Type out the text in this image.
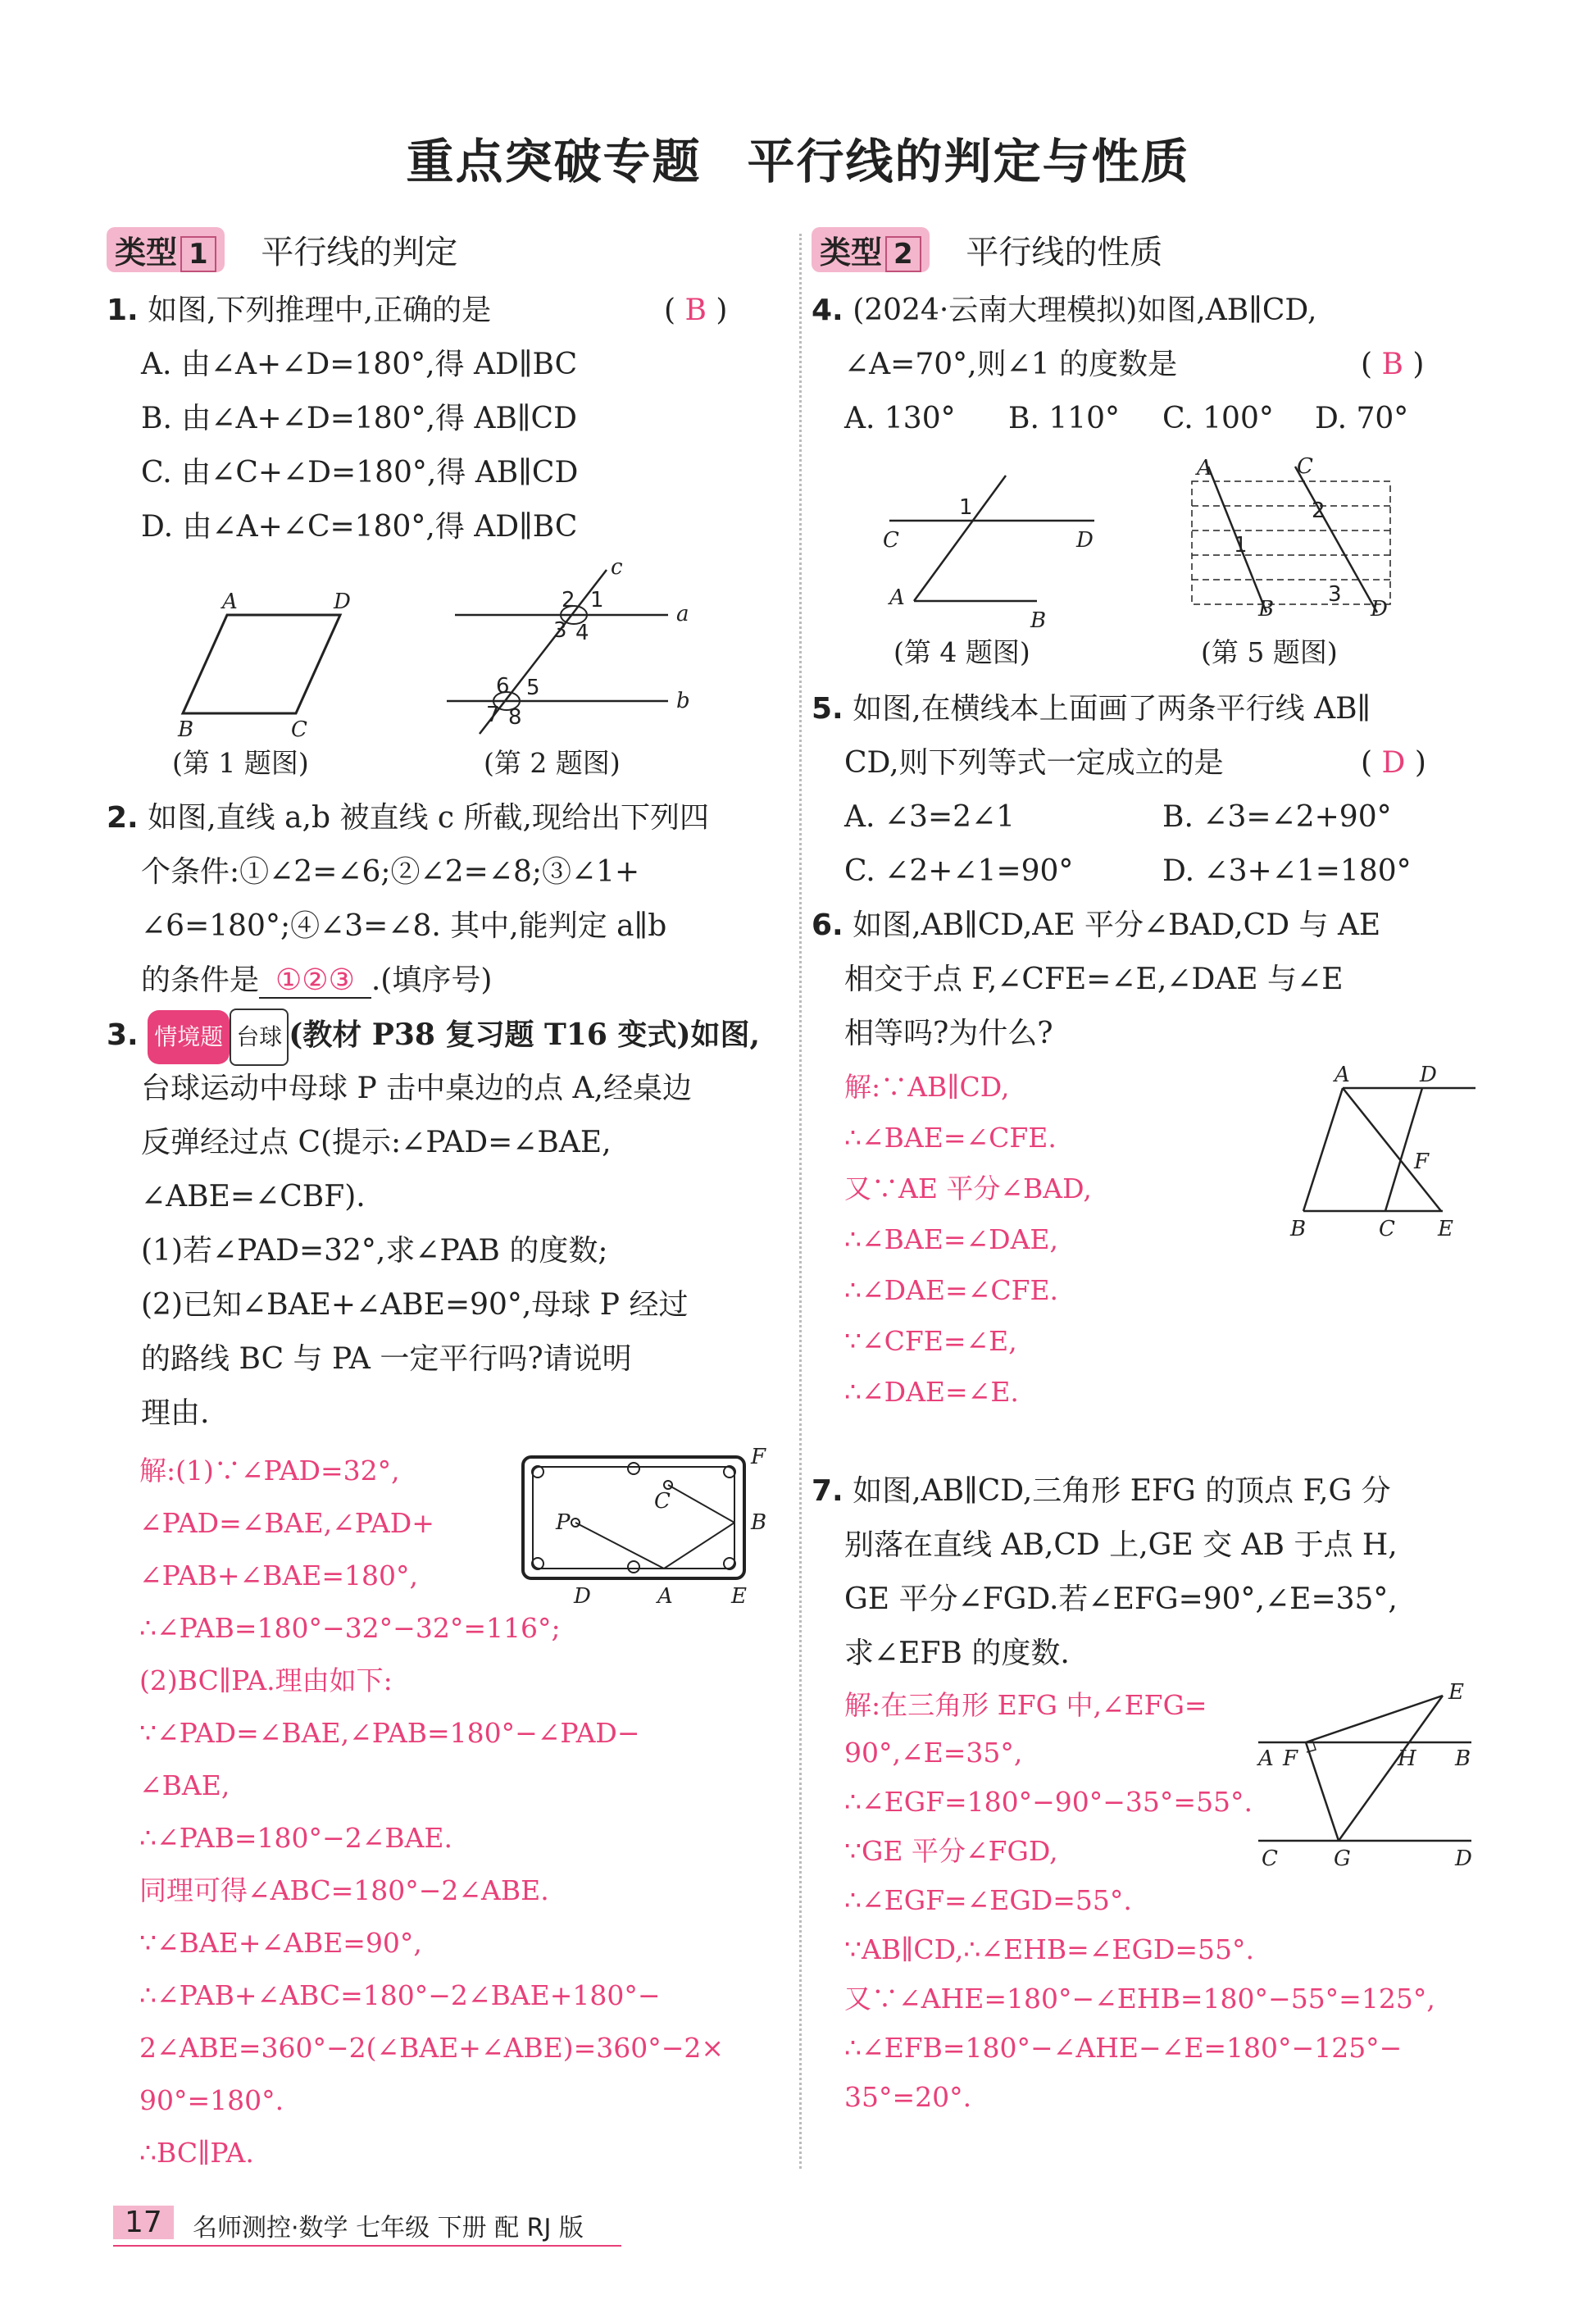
重点突破专题 平行线的判定与性质
类型 1 平行线的判定
1. 如图,下列推理中,正确的是	( B )
A. 由∠A+∠D=180°,得 AD∥BC
B. 由∠A+∠D=180°,得 AB∥CD
C. 由∠C+∠D=180°,得 AB∥CD
D. 由∠A+∠C=180°,得 AD∥BC
A	D
B	C
(第 1 题图)
c
a
b
1
2
3 4
5
6
7 8
(第 2 题图)
2. 如图,直线 a,b 被直线 c 所截,现给出下列四
个条件:①∠2=∠6;②∠2=∠8;③∠1+
∠6=180°;④∠3=∠8. 其中,能判定 a∥b
的条件是 ①②③ .(填序号)
3. 情境题 台球 (教材 P38 复习题 T16 变式)如图,
台球运动中母球 P 击中桌边的点 A,经桌边
反弹经过点 C(提示:∠PAD=∠BAE,
∠ABE=∠CBF).
(1)若∠PAD=32°,求∠PAB 的度数;
(2)已知∠BAE+∠ABE=90°,母球 P 经过
的路线 BC 与 PA 一定平行吗?请说明
理由.
P
C
F
B
D	A	E
解:(1)∵∠PAD=32°,
∠PAD=∠BAE,∠PAD+
∠PAB+∠BAE=180°,
∴∠PAB=180°−32°−32°=116°;
(2)BC∥PA.理由如下:
∵∠PAD=∠BAE,∠PAB=180°−∠PAD−
∠BAE,
∴∠PAB=180°−2∠BAE.
同理可得∠ABC=180°−2∠ABE.
∵∠BAE+∠ABE=90°,
∴∠PAB+∠ABC=180°−2∠BAE+180°−
2∠ABE=360°−2(∠BAE+∠ABE)=360°−2×
90°=180°.
∴BC∥PA.
类型 2 平行线的性质
4. (2024·云南大理模拟)如图,AB∥CD,
∠A=70°,则∠1 的度数是	( B )
A. 130° B. 110° C. 100° D. 70°
C	D
A
B
1
(第 4 题图)
A	C
B	D
1
2
3
(第 5 题图)
5. 如图,在横线本上面画了两条平行线 AB∥
CD,则下列等式一定成立的是	( D )
A. ∠3=2∠1	B. ∠3=∠2+90°
C. ∠2+∠1=90°	D. ∠3+∠1=180°
6. 如图,AB∥CD,AE 平分∠BAD,CD 与 AE
相交于点 F,∠CFE=∠E,∠DAE 与∠E
相等吗?为什么?
解:∵AB∥CD,
∴∠BAE=∠CFE.
又∵AE 平分∠BAD,
∴∠BAE=∠DAE,
∴∠DAE=∠CFE.
∵∠CFE=∠E,
∴∠DAE=∠E.
A	D
B	C E
F
7. 如图,AB∥CD,三角形 EFG 的顶点 F,G 分
别落在直线 AB,CD 上,GE 交 AB 于点 H,
GE 平分∠FGD.若∠EFG=90°,∠E=35°,
求∠EFB 的度数.
解:在三角形 EFG 中,∠EFG=
90°,∠E=35°,
∴∠EGF=180°−90°−35°=55°.
∵GE 平分∠FGD,
∴∠EGF=∠EGD=55°.
∵AB∥CD,∴∠EHB=∠EGD=55°.
又∵∠AHE=180°−∠EHB=180°−55°=125°,
∴∠EFB=180°−∠AHE−∠E=180°−125°−
35°=20°.
E
A F	H B
C	G	D
17	名师测控·数学 七年级 下册 配 RJ 版
